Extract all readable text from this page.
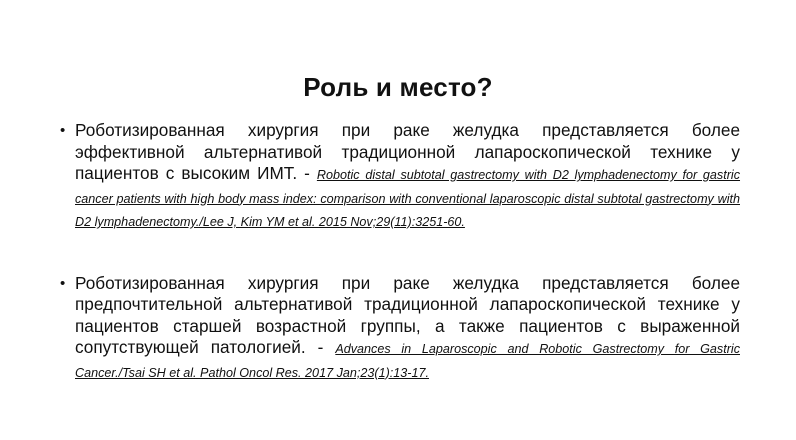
Роль и место?
• Роботизированная хирургия при раке желудка представляется более эффективной альтернативой традиционной лапароскопической технике у пациентов с высоким ИМТ. - Robotic distal subtotal gastrectomy with D2 lymphadenectomy for gastric cancer patients with high body mass index: comparison with conventional laparoscopic distal subtotal gastrectomy with D2 lymphadenectomy./Lee J, Kim YM et al. 2015 Nov;29(11):3251-60.
• Роботизированная хирургия при раке желудка представляется более предпочтительной альтернативой традиционной лапароскопической технике у пациентов старшей возрастной группы, а также пациентов с выраженной сопутствующей патологией. - Advances in Laparoscopic and Robotic Gastrectomy for Gastric Cancer./Tsai SH et al. Pathol Oncol Res. 2017 Jan;23(1):13-17.
